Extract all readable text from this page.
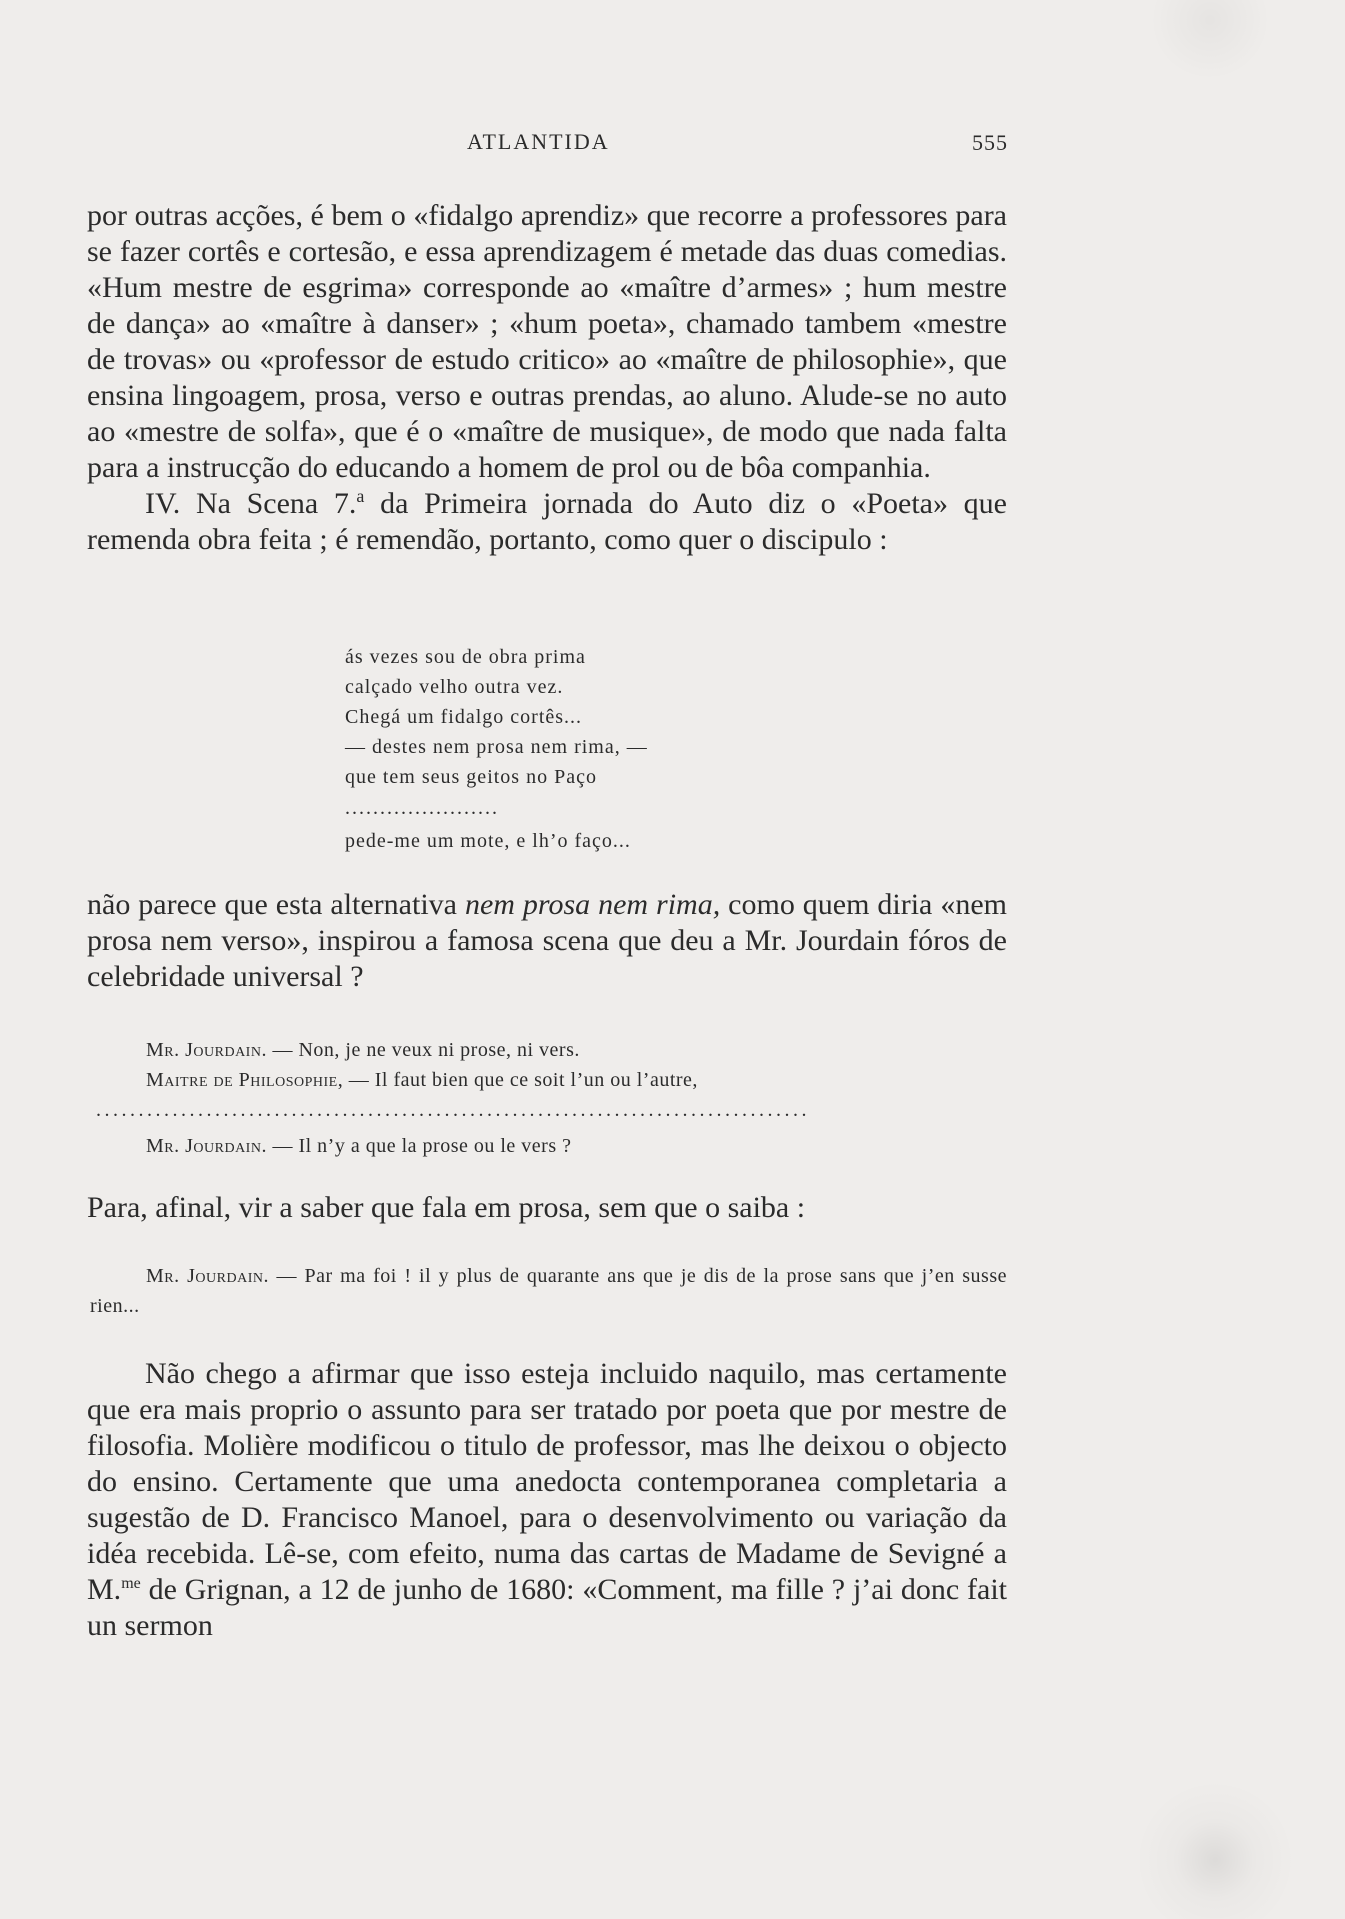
ATLANTIDA	555

por outras acções, é bem o «fidalgo aprendiz» que recorre a professores para se fazer cortês e cortesão, e essa aprendizagem é metade das duas comedias. «Hum mestre de esgrima» corresponde ao «maître d’armes» ; hum mestre de dança» ao «maître à danser» ; «hum poeta», chamado tambem «mestre de trovas» ou «professor de estudo critico» ao «maître de philosophie», que ensina lingoagem, prosa, verso e outras prendas, ao aluno. Alude-se no auto ao «mestre de solfa», que é o «maître de musique», de modo que nada falta para a instrucção do educando a homem de prol ou de bôa companhia.

IV. Na Scena 7.$^a$ da Primeira jornada do Auto diz o «Poeta» que remenda obra feita ; é remendão, portanto, como quer o discipulo :

ás vezes sou de obra prima
calçado velho outra vez.
Chegá um fidalgo cortês...
— destes nem prosa nem rima, —
que tem seus geitos no Paço
......................
pede-me um mote, e lh’o faço...

não parece que esta alternativa nem prosa nem rima, como quem diria «nem prosa nem verso», inspirou a famosa scena que deu a Mr. Jourdain fóros de celebridade universal ?

Mr. Jourdain. — Non, je ne veux ni prose, ni vers.
Maitre de Philosophie, — Il faut bien que ce soit l’un ou l’autre,
....................................................................................
Mr. Jourdain. — Il n’y a que la prose ou le vers ?

Para, afinal, vir a saber que fala em prosa, sem que o saiba :

Mr. Jourdain. — Par ma foi ! il y plus de quarante ans que je dis de la prose sans que j’en susse rien...

Não chego a afirmar que isso esteja incluido naquilo, mas certamente que era mais proprio o assunto para ser tratado por poeta que por mestre de filosofia. Molière modificou o titulo de professor, mas lhe deixou o objecto do ensino. Certamente que uma anedocta contemporanea completaria a sugestão de D. Francisco Manoel, para o desenvolvimento ou variação da idéa recebida. Lê-se, com efeito, numa das cartas de Madame de Sevigné a M.$^{me}$ de Grignan, a 12 de junho de 1680: «Comment, ma fille ? j’ai donc fait un sermon
